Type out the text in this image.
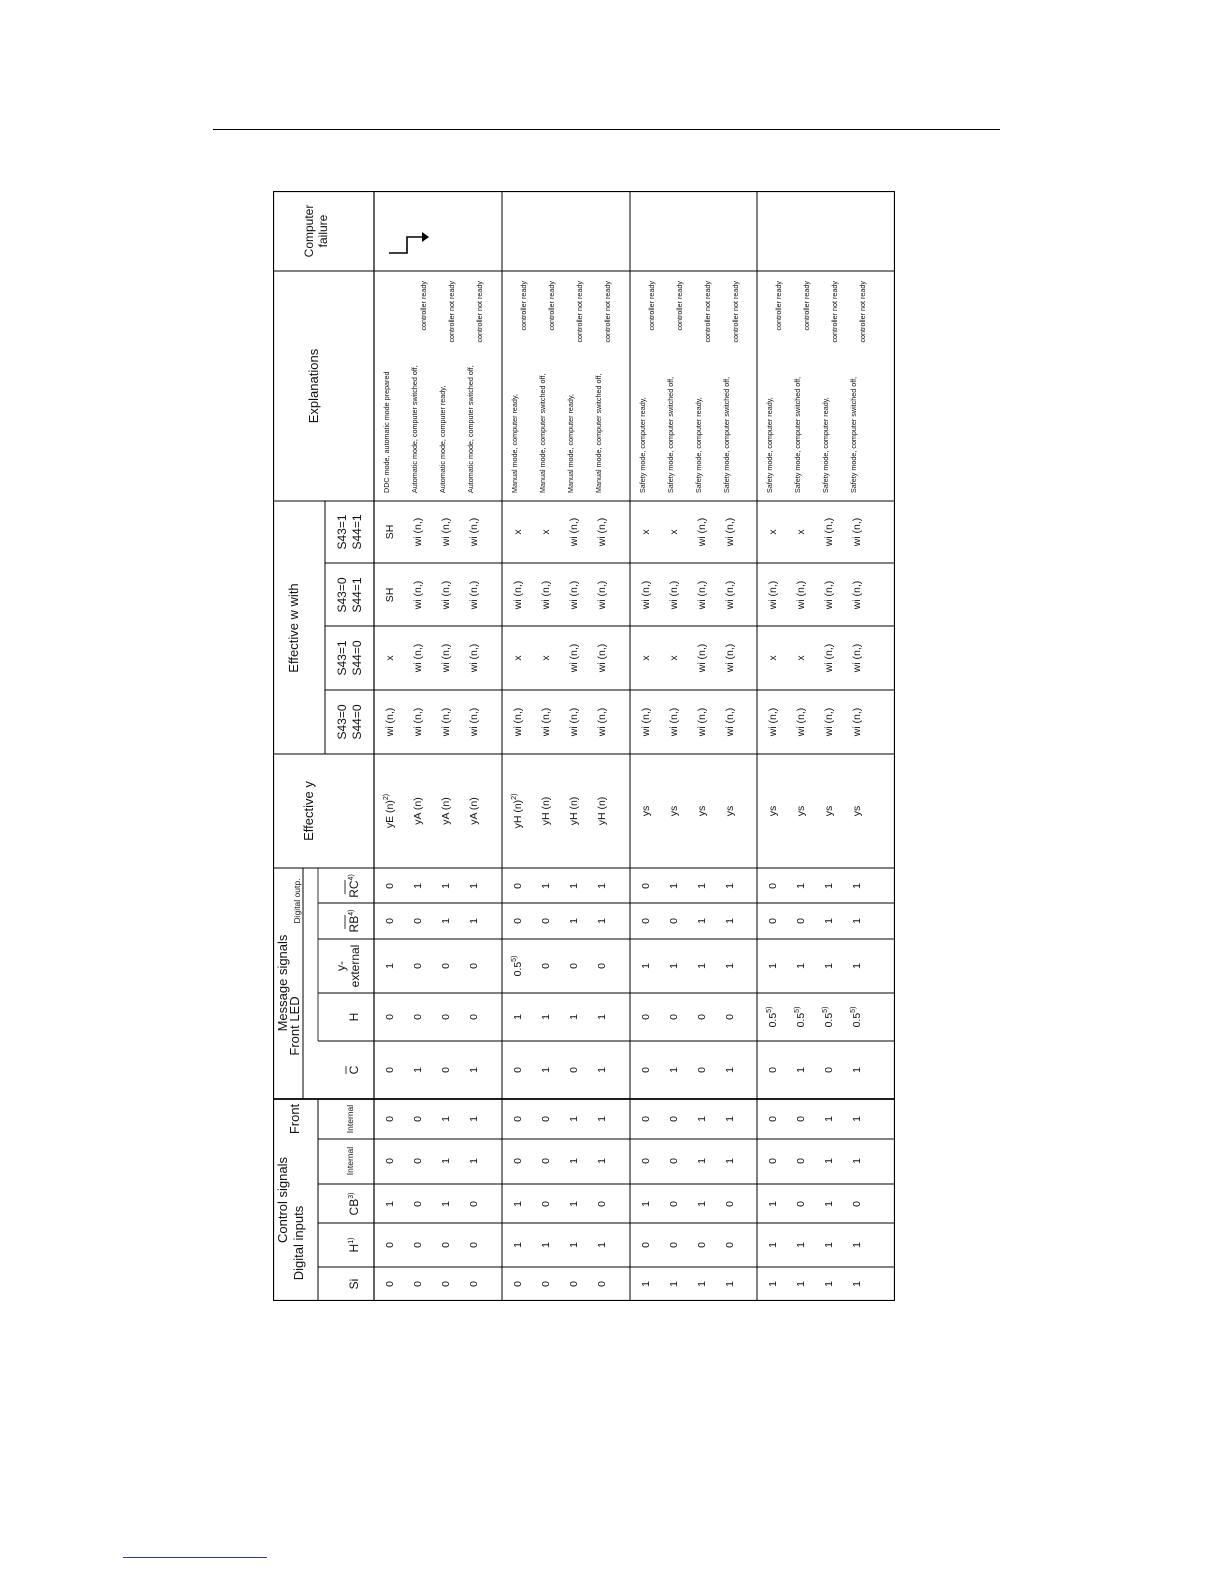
Control signals Digital inputs
Front
Message signals
Front LED
Digital outp.
Effective y
Effective w with
Explanations
Computer failure
Si
$H^{1)}$
CB$^{3)}$
Internal
Internal
C
H
y- external
RB$^{4)}$
RC$^{4)}$
S43=0 S44=0
S43=1 S44=0
S43=0 S44=1
S43=1 S44=1
0
0
1
0
0
0
0
0
wi (n,)
x
SH
SH
0
1
yE $(n)^{2)}$
DDC mode, automatic mode prepared
0
0
0
0
0
1
0
1
wi (n,)
wi (n,)
wi (n,)
wi (n,)
0
0
yA (n)
Automatic mode, computer switched off,
controller ready
0
0
1
1
1
0
1
1
wi (n,)
wi (n,)
wi (n,)
wi (n,)
0
0
yA (n)
Automatic mode, computer ready,
controller not ready
0
0
0
1
1
1
1
1
wi (n,)
wi (n,)
wi (n,)
wi (n,)
0
0
yA (n)
Automatic mode, computer switched off,
controller not ready
0
1
1
0
0
0
0
0
wi (n,)
x
wi (n,)
x
1
0.5$^{5)}$
yH $(n)^{2)}$
Manual mode, computer ready,
controller ready
0
1
0
0
0
1
0
1
wi (n,)
x
wi (n,)
x
1
0
yH (n)
Manual mode, computer switched off,
controller ready
0
1
1
1
1
0
1
1
wi (n,)
wi (n,)
wi (n,)
wi (n,)
1
0
yH (n)
Manual mode, computer ready,
controller not ready
0
1
0
1
1
1
1
1
wi (n,)
wi (n,)
wi (n,)
wi (n,)
1
0
yH (n)
Manual mode, computer switched off,
controller not ready
1
0
1
0
0
0
0
0
wi (n,)
x
wi (n,)
x
0
1
ys
Safety mode, computer ready,
controller ready
1
0
0
0
0
1
0
1
wi (n,)
x
wi (n,)
x
0
1
ys
Safety mode, computer switched off,
controller ready
1
0
1
1
1
0
1
1
wi (n,)
wi (n,)
wi (n,)
wi (n,)
0
1
ys
Safety mode, computer ready,
controller not ready
1
0
0
1
1
1
1
1
wi (n,)
wi (n,)
wi (n,)
wi (n,)
0
1
ys
Safety mode, computer switched off,
controller not ready
1
1
1
0
0
0
0
0
wi (n,)
x
wi (n,)
x
0.5$^{5)}$
1
ys
Safety mode, computer ready,
controller ready
1
1
0
0
0
1
0
1
wi (n,)
x
wi (n,)
x
0.5$^{5)}$
1
ys
Safety mode, computer switched off,
controller ready
1
1
1
1
1
0
1
1
wi (n,)
wi (n,)
wi (n,)
wi (n,)
0.5$^{5)}$
1
ys
Safety mode, computer ready,
controller not ready
1
1
0
1
1
1
1
1
wi (n,)
wi (n,)
wi (n,)
wi (n,)
0.5$^{5)}$
1
ys
Safety mode, computer switched off,
controller not ready
